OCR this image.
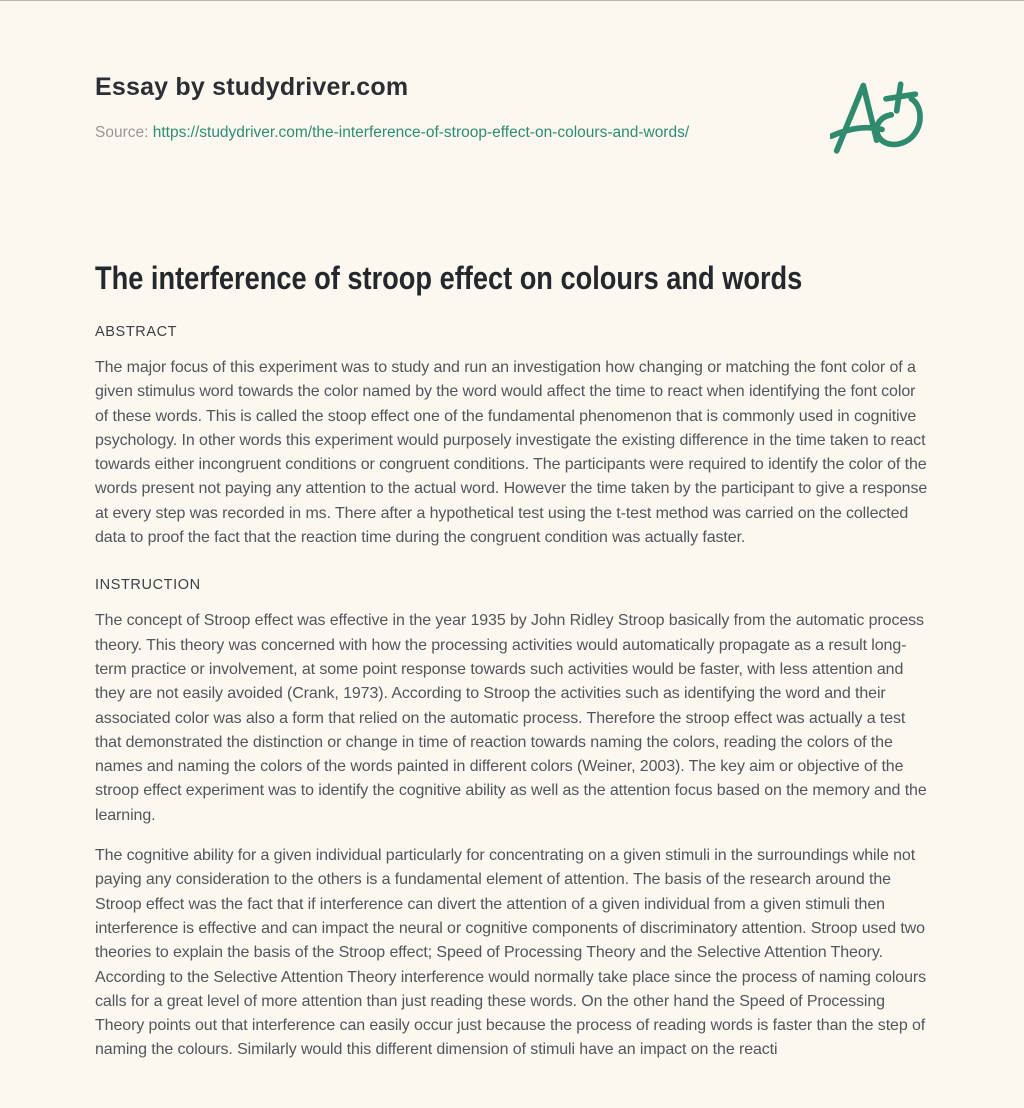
Essay by studydriver.com

Source: https://studydriver.com/the-interference-of-stroop-effect-on-colours-and-words/

The interference of stroop effect on colours and words
ABSTRACT

The major focus of this experiment was to study and run an investigation how changing or matching the font color of a given stimulus word towards the color named by the word would affect the time to react when identifying the font color of these words. This is called the stoop effect one of the fundamental phenomenon that is commonly used in cognitive psychology. In other words this experiment would purposely investigate the existing difference in the time taken to react towards either incongruent conditions or congruent conditions. The participants were required to identify the color of the words present not paying any attention to the actual word. However the time taken by the participant to give a response at every step was recorded in ms. There after a hypothetical test using the t-test method was carried on the collected data to proof the fact that the reaction time during the congruent condition was actually faster.

INSTRUCTION

The concept of Stroop effect was effective in the year 1935 by John Ridley Stroop basically from the automatic process theory. This theory was concerned with how the processing activities would automatically propagate as a result long-term practice or involvement, at some point response towards such activities would be faster, with less attention and they are not easily avoided (Crank, 1973). According to Stroop the activities such as identifying the word and their associated color was also a form that relied on the automatic process. Therefore the stroop effect was actually a test that demonstrated the distinction or change in time of reaction towards naming the colors, reading the colors of the names and naming the colors of the words painted in different colors (Weiner, 2003). The key aim or objective of the stroop effect experiment was to identify the cognitive ability as well as the attention focus based on the memory and the learning.

The cognitive ability for a given individual particularly for concentrating on a given stimuli in the surroundings while not paying any consideration to the others is a fundamental element of attention. The basis of the research around the Stroop effect was the fact that if interference can divert the attention of a given individual from a given stimuli then interference is effective and can impact the neural or cognitive components of discriminatory attention. Stroop used two theories to explain the basis of the Stroop effect; Speed of Processing Theory and the Selective Attention Theory. According to the Selective Attention Theory interference would normally take place since the process of naming colours calls for a great level of more attention than just reading these words. On the other hand the Speed of Processing Theory points out that interference can easily occur just because the process of reading words is faster than the step of naming the colours. Similarly would this different dimension of stimuli have an impact on the reacti
